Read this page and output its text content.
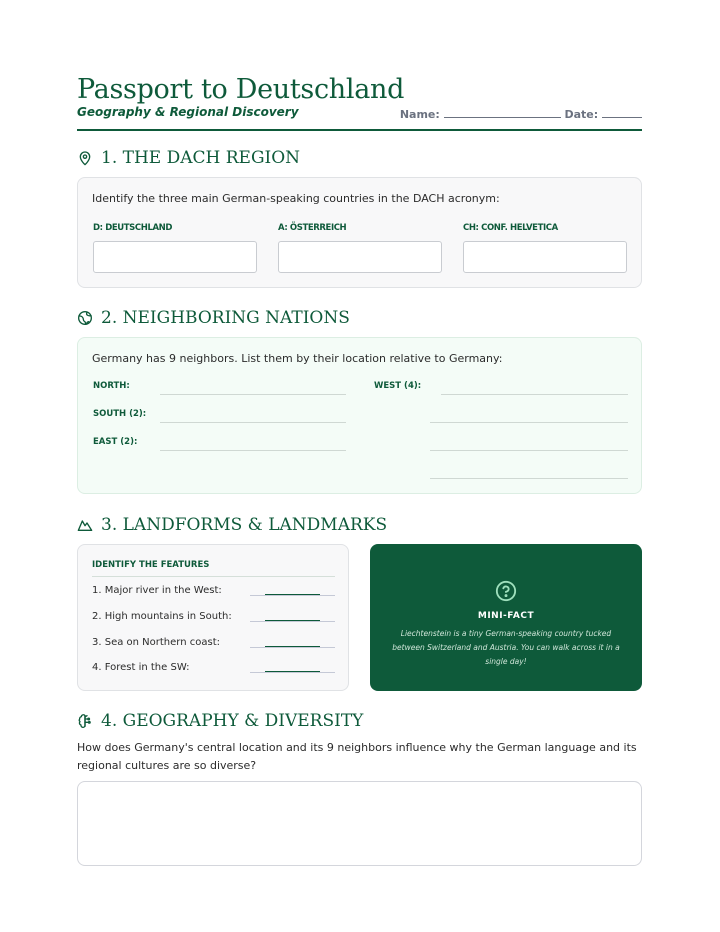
Passport to Deutschland
Geography & Regional Discovery	Name:	Date:
1. THE DACH REGION
Identify the three main German-speaking countries in the DACH acronym:
D: DEUTSCHLAND	A: ÖSTERREICH	CH: CONF. HELVETICA
2. NEIGHBORING NATIONS
Germany has 9 neighbors. List them by their location relative to Germany:
NORTH:
SOUTH (2):
EAST (2):
WEST (4):
3. LANDFORMS & LANDMARKS
IDENTIFY THE FEATURES
1. Major river in the West:
2. High mountains in South:
3. Sea on Northern coast:
4. Forest in the SW:
MINI-FACT
Liechtenstein is a tiny German-speaking country tucked between Switzerland and Austria. You can walk across it in a single day!
4. GEOGRAPHY & DIVERSITY
How does Germany's central location and its 9 neighbors influence why the German language and its regional cultures are so diverse?
